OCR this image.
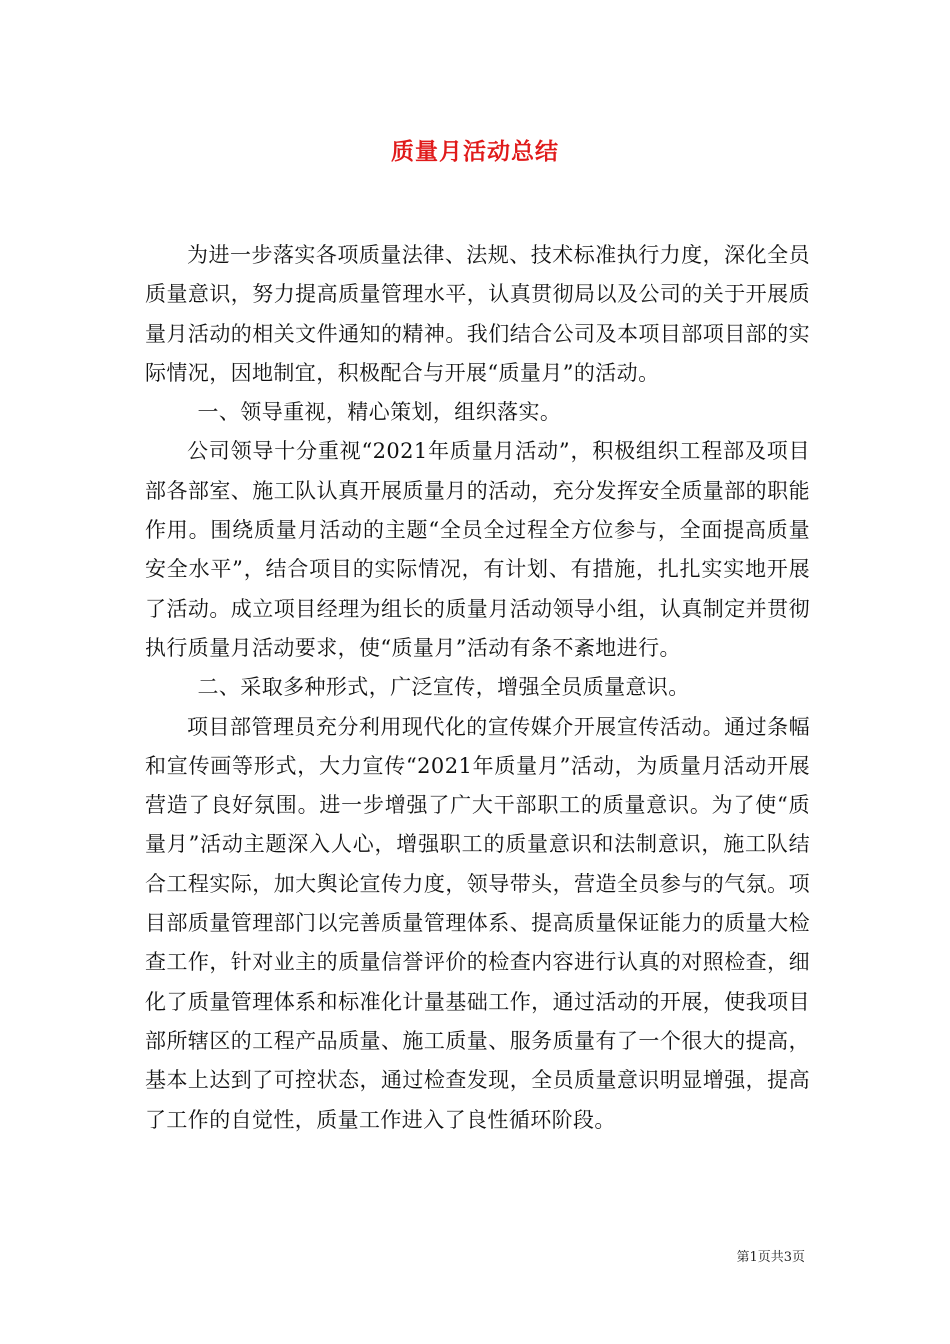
质量月活动总结

为进一步落实各项质量法律、法规、技术标准执行力度，深化全员质量意识，努力提高质量管理水平，认真贯彻局以及公司的关于开展质量月活动的相关文件通知的精神。我们结合公司及本项目部项目部的实际情况，因地制宜，积极配合与开展“质量月”的活动。

一、领导重视，精心策划，组织落实。

公司领导十分重视“2021年质量月活动”，积极组织工程部及项目部各部室、施工队认真开展质量月的活动，充分发挥安全质量部的职能作用。围绕质量月活动的主题“全员全过程全方位参与，全面提高质量安全水平”，结合项目的实际情况，有计划、有措施，扎扎实实地开展了活动。成立项目经理为组长的质量月活动领导小组，认真制定并贯彻执行质量月活动要求，使“质量月”活动有条不紊地进行。

二、采取多种形式，广泛宣传，增强全员质量意识。

项目部管理员充分利用现代化的宣传媒介开展宣传活动。通过条幅和宣传画等形式，大力宣传“2021年质量月”活动，为质量月活动开展营造了良好氛围。进一步增强了广大干部职工的质量意识。为了使“质量月”活动主题深入人心，增强职工的质量意识和法制意识，施工队结合工程实际，加大舆论宣传力度，领导带头，营造全员参与的气氛。项目部质量管理部门以完善质量管理体系、提高质量保证能力的质量大检查工作，针对业主的质量信誉评价的检查内容进行认真的对照检查，细化了质量管理体系和标准化计量基础工作，通过活动的开展，使我项目部所辖区的工程产品质量、施工质量、服务质量有了一个很大的提高，基本上达到了可控状态，通过检查发现，全员质量意识明显增强，提高了工作的自觉性，质量工作进入了良性循环阶段。

第1页共3页
